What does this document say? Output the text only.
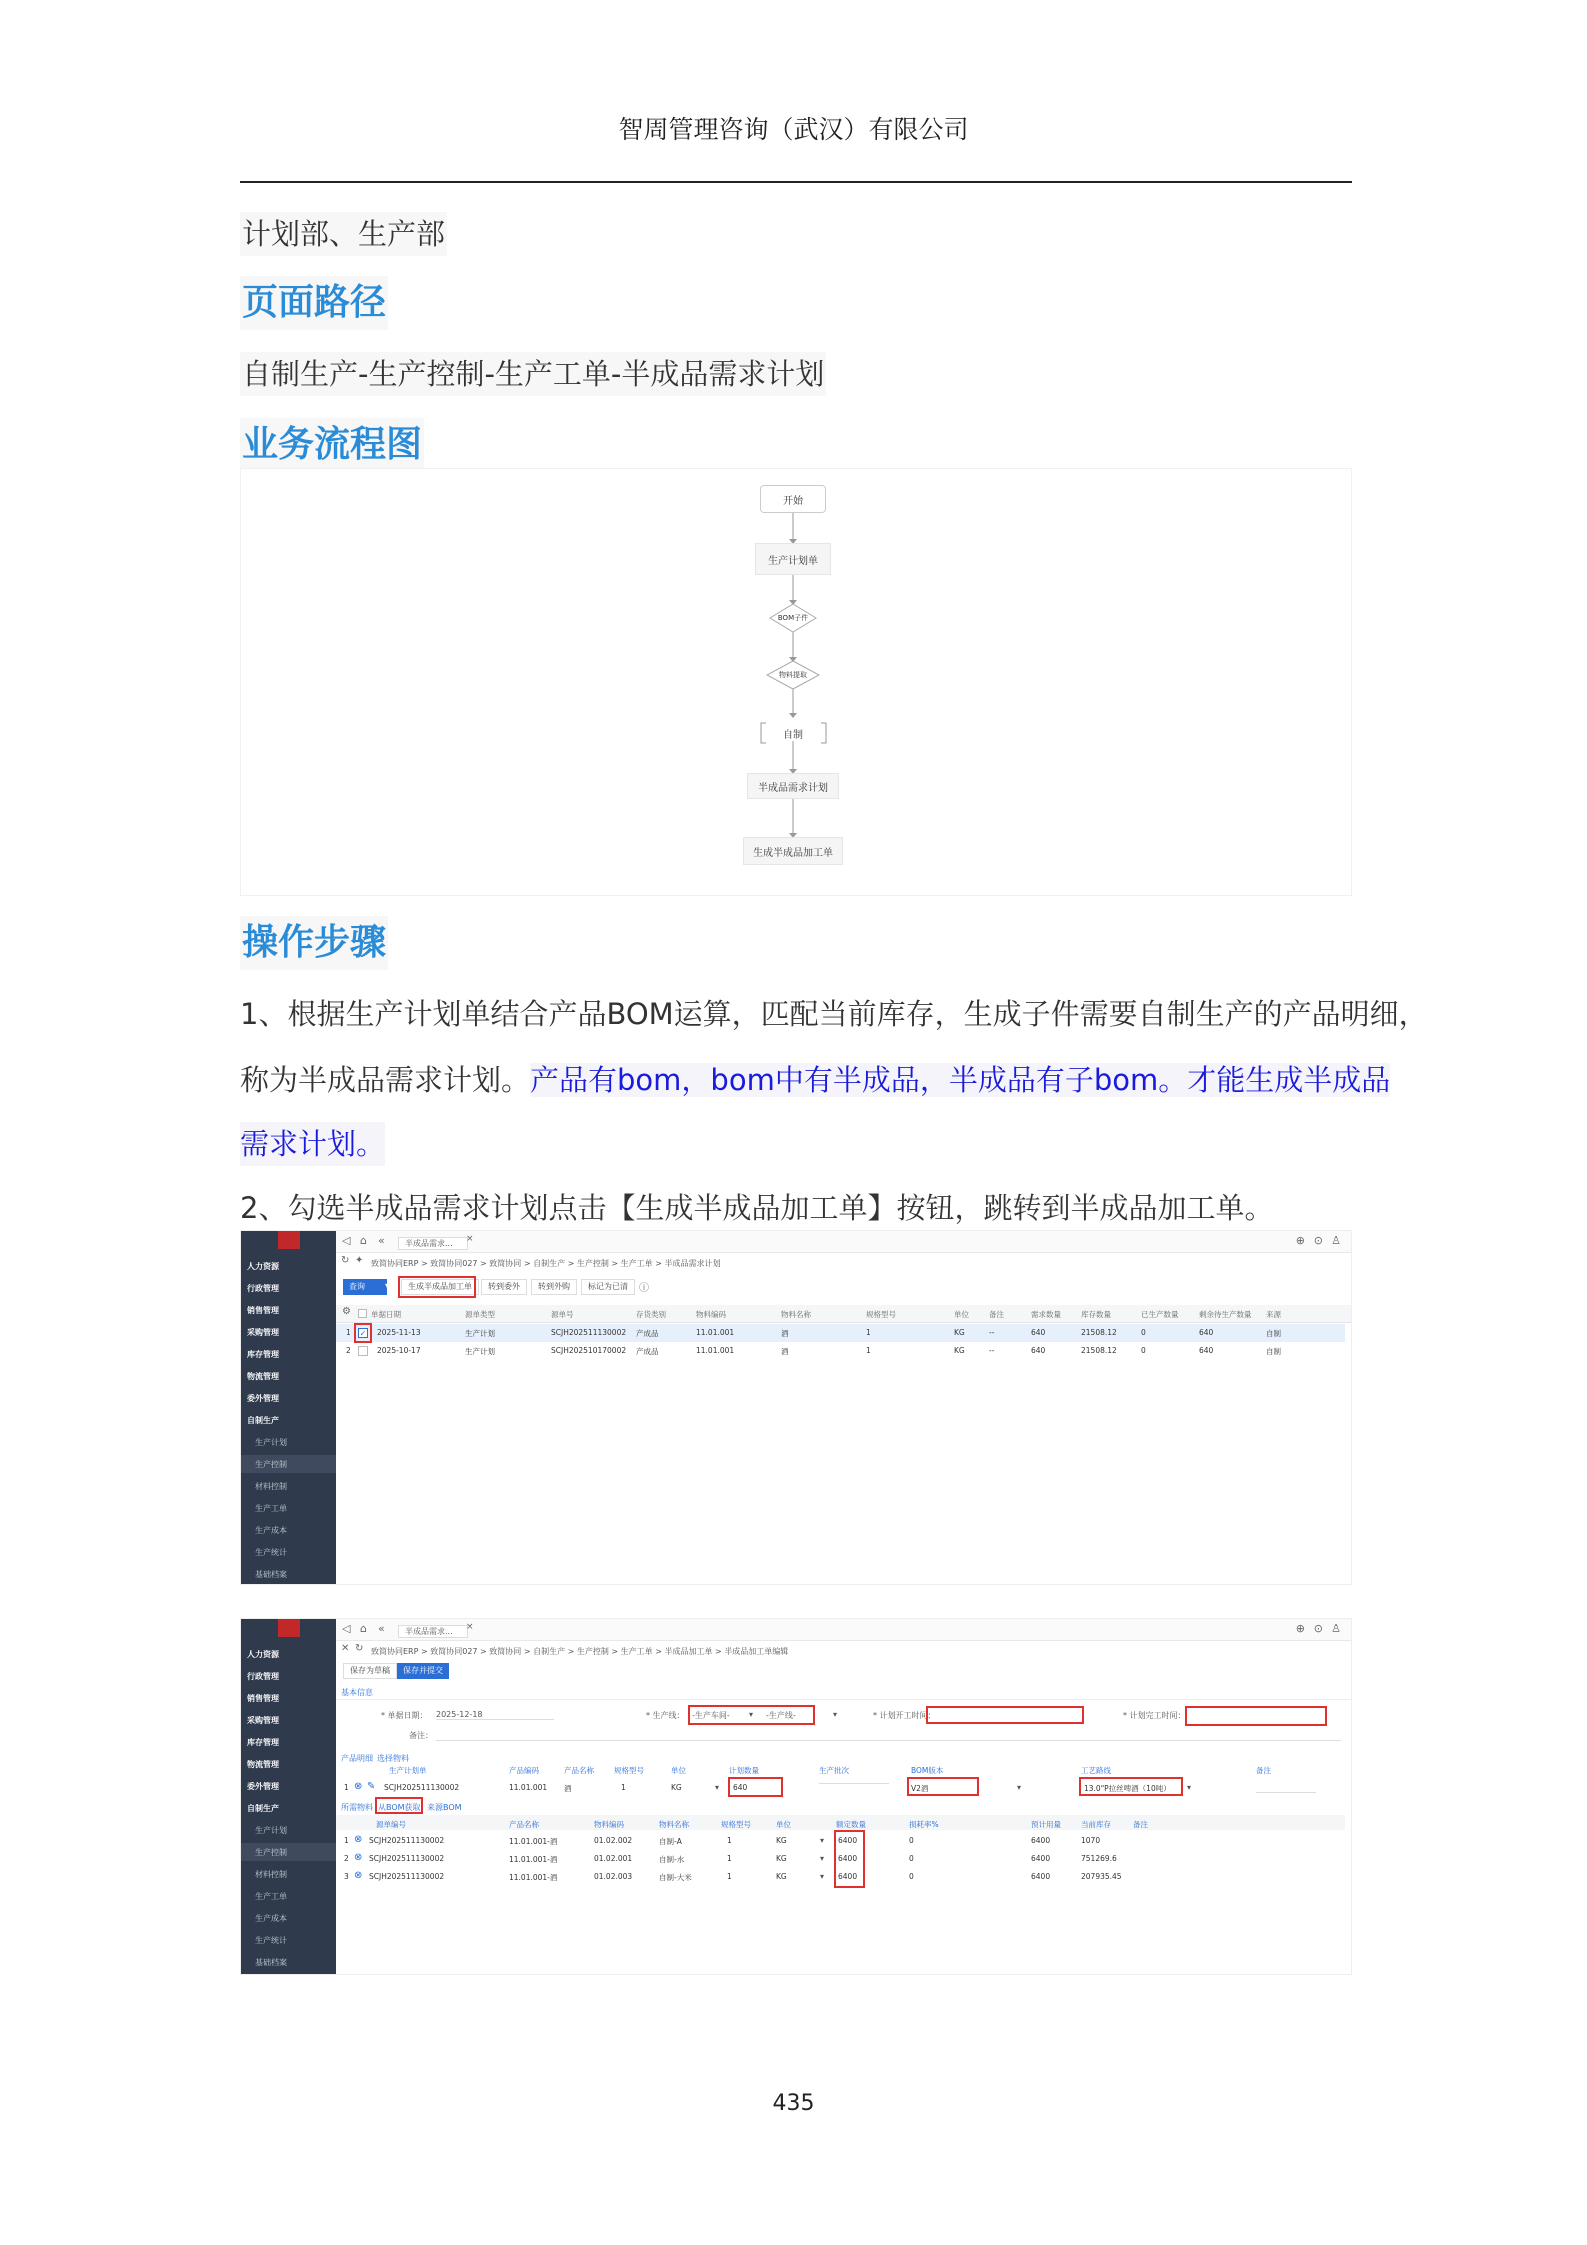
智周管理咨询（武汉）有限公司
计划部、生产部
页面路径
自制生产-生产控制-生产工单-半成品需求计划
业务流程图
开始
生产计划单
BOM子件
物料提取
自制
半成品需求计划
生成半成品加工单
操作步骤
1、根据生产计划单结合产品BOM运算，匹配当前库存，生成子件需要自制生产的产品明细，
称为半成品需求计划。产品有bom，bom中有半成品，半成品有子bom。才能生成半成品
需求计划。
2、勾选半成品需求计划点击【生成半成品加工单】按钮，跳转到半成品加工单。
人力资源
行政管理
销售管理
采购管理
库存管理
物流管理
委外管理
自制生产
生产计划
生产控制
材料控制
生产工单
生产成本
生产统计
基础档案
◁ ⌂ «	半成品需求...	×	⊕ ⊙ ♙
↻ ✦ 致简协同ERP > 致简协同027 > 致简协同 > 自制生产 > 生产控制 > 生产工单 > 半成品需求计划
查询	▾	生成半成品加工单	转到委外	转到外购	标记为已清	ⓘ
⚙	单据日期	源单类型	源单号	存货类别	物料编码	物料名称	规格型号	单位	备注	需求数量	库存数量	已生产数量	剩余待生产数量 来源
1 ✓ 2025-11-13	生产计划	SCJH202511130002 产成品	11.01.001	酒	1	KG	--	640	21508.12	0	640	自制
2	2025-10-17	生产计划	SCJH202510170002 产成品	11.01.001	酒	1	KG	--	640	21508.12	0	640	自制
人力资源
行政管理
销售管理
采购管理
库存管理
物流管理
委外管理
自制生产
生产计划
生产控制
材料控制
生产工单
生产成本
生产统计
基础档案
◁ ⌂ «	半成品需求...	×	⊕ ⊙ ♙
✕ ↻ 致简协同ERP > 致简协同027 > 致简协同 > 自制生产 > 生产控制 > 生产工单 > 半成品加工单 > 半成品加工单编辑
保存为草稿	保存并提交
基本信息
* 单据日期： 2025-12-18	* 生产线： -生产车间- ▾ -生产线-	▾	* 计划开工时间：	* 计划完工时间：
备注：
产品明细 选择物料
生产计划单	产品编码	产品名称	规格型号	单位	计划数量	生产批次	BOM版本	工艺路线	备注
1 ⊗ ✎ SCJH202511130002	11.01.001 酒	1	KG	▾ 640	V2酒	▾	13.0"P拉丝啤酒（10吨） ▾
所需物料 从BOM获取 来源BOM
源单编号	产品名称	物料编码	物料名称	规格型号	单位	额定数量	损耗率%	预计用量	当前库存	备注
1 ⊗ SCJH202511130002	11.01.001-酒	01.02.002	自制-A	1	KG	▾ 6400	0	6400	1070
2 ⊗ SCJH202511130002	11.01.001-酒	01.02.001	自制-水	1	KG	▾ 6400	0	6400	751269.6
3 ⊗ SCJH202511130002	11.01.001-酒	01.02.003	自制-大米	1	KG	▾ 6400	0	6400	207935.45
435
